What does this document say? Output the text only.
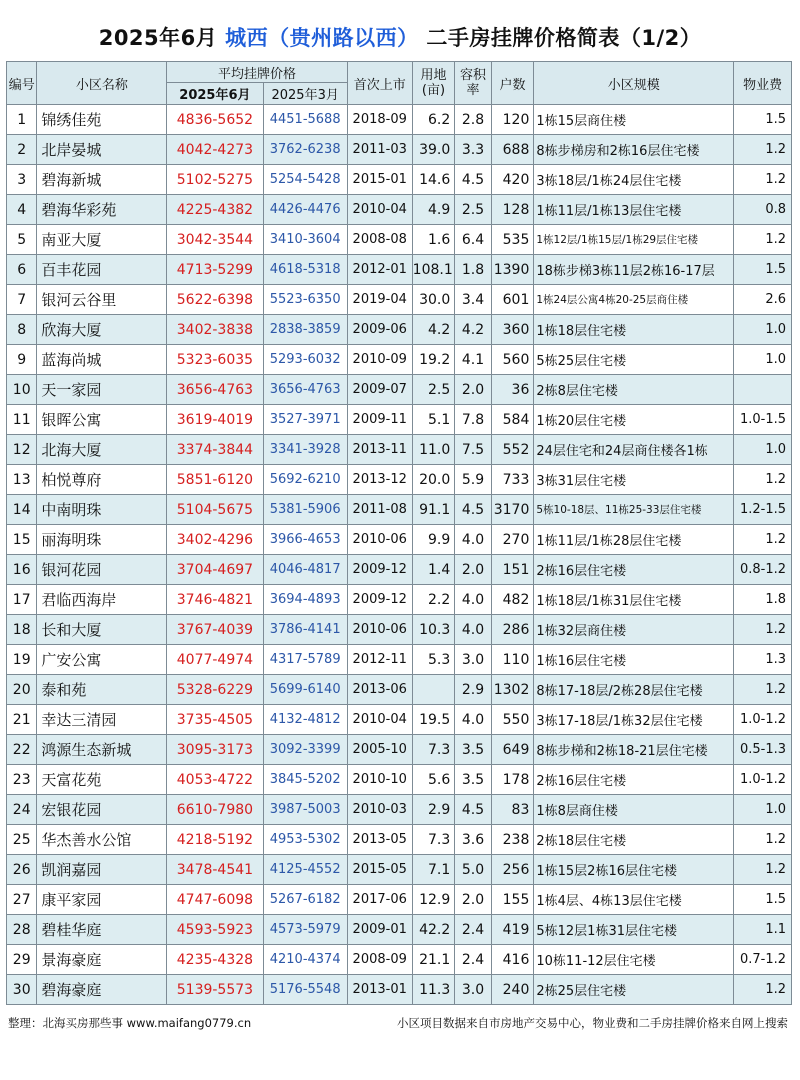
2025年6月 城西（贵州路以西） 二手房挂牌价格简表（1/2）
编号	小区名称	平均挂牌价格		首次上市	用地(亩)	容积率	户数	小区规模	物业费
		2025年6月	2025年3月						
1	锦绣佳苑	4836-5652	4451-5688	2018-09	6.2	2.8	120	1栋15层商住楼	1.5
2	北岸晏城	4042-4273	3762-6238	2011-03	39.0	3.3	688	8栋步梯房和2栋16层住宅楼	1.2
3	碧海新城	5102-5275	5254-5428	2015-01	14.6	4.5	420	3栋18层/1栋24层住宅楼	1.2
4	碧海华彩苑	4225-4382	4426-4476	2010-04	4.9	2.5	128	1栋11层/1栋13层住宅楼	0.8
5	南亚大厦	3042-3544	3410-3604	2008-08	1.6	6.4	535	1栋12层/1栋15层/1栋29层住宅楼	1.2
6	百丰花园	4713-5299	4618-5318	2012-01	108.1	1.8	1390	18栋步梯3栋11层2栋16-17层	1.5
7	银河云谷里	5622-6398	5523-6350	2019-04	30.0	3.4	601	1栋24层公寓4栋20-25层商住楼	2.6
8	欣海大厦	3402-3838	2838-3859	2009-06	4.2	4.2	360	1栋18层住宅楼	1.0
9	蓝海尚城	5323-6035	5293-6032	2010-09	19.2	4.1	560	5栋25层住宅楼	1.0
10	天一家园	3656-4763	3656-4763	2009-07	2.5	2.0	36	2栋8层住宅楼	
11	银晖公寓	3619-4019	3527-3971	2009-11	5.1	7.8	584	1栋20层住宅楼	1.0-1.5
12	北海大厦	3374-3844	3341-3928	2013-11	11.0	7.5	552	24层住宅和24层商住楼各1栋	1.0
13	柏悦尊府	5851-6120	5692-6210	2013-12	20.0	5.9	733	3栋31层住宅楼	1.2
14	中南明珠	5104-5675	5381-5906	2011-08	91.1	4.5	3170	5栋10-18层、11栋25-33层住宅楼	1.2-1.5
15	丽海明珠	3402-4296	3966-4653	2010-06	9.9	4.0	270	1栋11层/1栋28层住宅楼	1.2
16	银河花园	3704-4697	4046-4817	2009-12	1.4	2.0	151	2栋16层住宅楼	0.8-1.2
17	君临西海岸	3746-4821	3694-4893	2009-12	2.2	4.0	482	1栋18层/1栋31层住宅楼	1.8
18	长和大厦	3767-4039	3786-4141	2010-06	10.3	4.0	286	1栋32层商住楼	1.2
19	广安公寓	4077-4974	4317-5789	2012-11	5.3	3.0	110	1栋16层住宅楼	1.3
20	泰和苑	5328-6229	5699-6140	2013-06		2.9	1302	8栋17-18层/2栋28层住宅楼	1.2
21	幸达三清园	3735-4505	4132-4812	2010-04	19.5	4.0	550	3栋17-18层/1栋32层住宅楼	1.0-1.2
22	鸿源生态新城	3095-3173	3092-3399	2005-10	7.3	3.5	649	8栋步梯和2栋18-21层住宅楼	0.5-1.3
23	天富花苑	4053-4722	3845-5202	2010-10	5.6	3.5	178	2栋16层住宅楼	1.0-1.2
24	宏银花园	6610-7980	3987-5003	2010-03	2.9	4.5	83	1栋8层商住楼	1.0
25	华杰善水公馆	4218-5192	4953-5302	2013-05	7.3	3.6	238	2栋18层住宅楼	1.2
26	凯润嘉园	3478-4541	4125-4552	2015-05	7.1	5.0	256	1栋15层2栋16层住宅楼	1.2
27	康平家园	4747-6098	5267-6182	2017-06	12.9	2.0	155	1栋4层、4栋13层住宅楼	1.5
28	碧桂华庭	4593-5923	4573-5979	2009-01	42.2	2.4	419	5栋12层1栋31层住宅楼	1.1
29	景海豪庭	4235-4328	4210-4374	2008-09	21.1	2.4	416	10栋11-12层住宅楼	0.7-1.2
30	碧海豪庭	5139-5573	5176-5548	2013-01	11.3	3.0	240	2栋25层住宅楼	1.2
整理：北海买房那些事 www.maifang0779.cn	小区项目数据来自市房地产交易中心，物业费和二手房挂牌价格来自网上搜索
